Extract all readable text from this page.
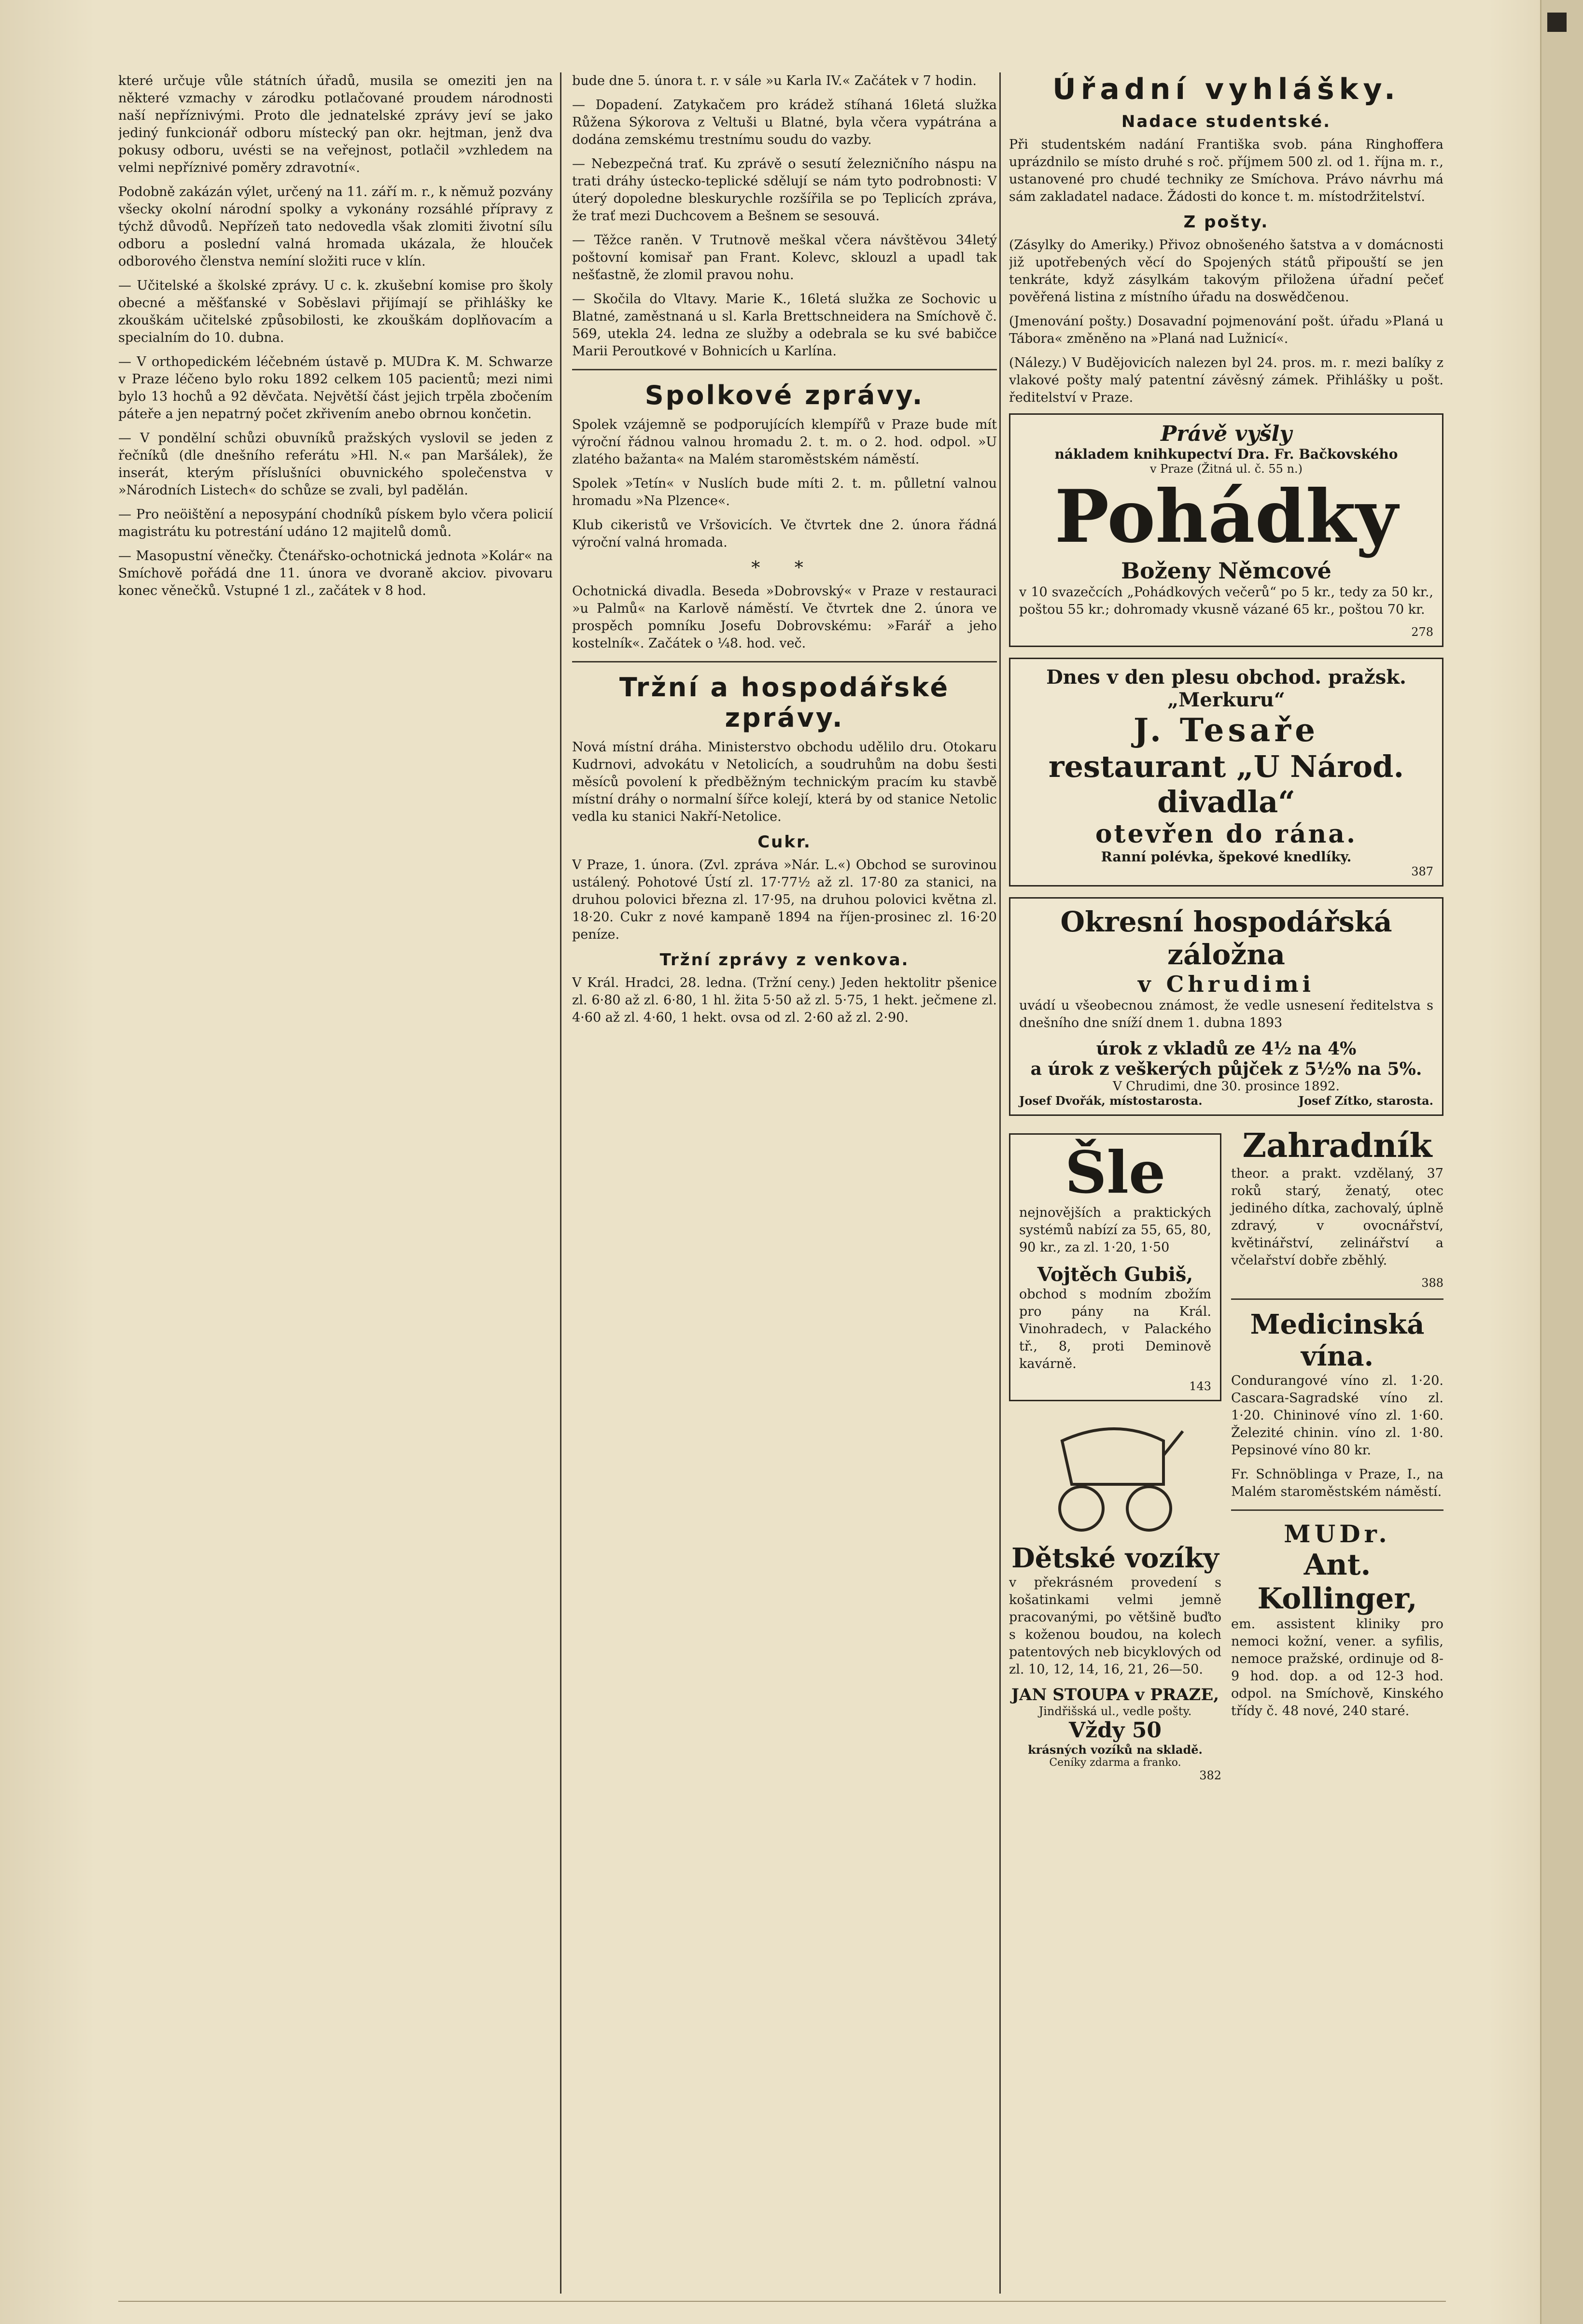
které určuje vůle státních úřadů, musila se omeziti jen na některé vzmachy v zárodku potlačované proudem národnosti naší nepříznivými. Proto dle jednatelské zprávy jeví se jako jediný funkcionář odboru místecký pan okr. hejtman, jenž dva pokusy odboru, uvésti se na veřejnost, potlačil »vzhledem na velmi nepříznivé poměry zdravotní«.

Podobně zakázán výlet, určený na 11. září m. r., k němuž pozvány všecky okolní národní spolky a vykonány rozsáhlé přípravy z týchž důvodů. Nepřízeň tato nedovedla však zlomiti životní sílu odboru a poslední valná hromada ukázala, že hlouček odborového členstva nemíní složiti ruce v klín.

— Učitelské a školské zprávy. U c. k. zkušební komise pro školy obecné a měšťanské v Soběslavi přijímají se přihlášky ke zkouškám učitelské způsobilosti, ke zkouškám doplňovacím a specialním do 10. dubna.

— V orthopedickém léčebném ústavě p. MUDra K. M. Schwarze v Praze léčeno bylo roku 1892 celkem 105 pacientů; mezi nimi bylo 13 hochů a 92 děvčata. Největší část jejich trpěla zbočením páteře a jen nepatrný počet zkřivením anebo obrnou končetin.

— V pondělní schůzi obuvníků pražských vyslovil se jeden z řečníků (dle dnešního referátu »Hl. N.« pan Maršálek), že inserát, kterým příslušníci obuvnického společenstva v »Národních Listech« do schůze se zvali, byl padělán.

— Pro neöištění a neposypání chodníků pískem bylo včera policií magistrátu ku potrestání udáno 12 majitelů domů.

— Masopustní věnečky. Čtenářsko-ochotnická jednota »Kolár« na Smíchově pořádá dne 11. února ve dvoraně akciov. pivovaru konec věnečků. Vstupné 1 zl., začátek v 8 hod.

bude dne 5. února t. r. v sále »u Karla IV.« Začátek v 7 hodin.

— Dopadení. Zatykačem pro krádež stíhaná 16letá služka Růžena Sýkorova z Veltuši u Blatné, byla včera vypátrána a dodána zemskému trestnímu soudu do vazby.

— Nebezpečná trať. Ku zprávě o sesutí železničního náspu na trati dráhy ústecko-teplické sdělují se nám tyto podrobnosti: V úterý dopoledne bleskurychle rozšířila se po Teplicích zpráva, že trať mezi Duchcovem a Bešnem se sesouvá.

— Těžce raněn. V Trutnově meškal včera návštěvou 34letý poštovní komisař pan Frant. Kolevc, sklouzl a upadl tak nešťastně, že zlomil pravou nohu.

— Skočila do Vltavy. Marie K., 16letá služka ze Sochovic u Blatné, zaměstnaná u sl. Karla Brettschneidera na Smíchově č. 569, utekla 24. ledna ze služby a odebrala se ku své babičce Marii Peroutkové v Bohnicích u Karlína.

Spolkové zprávy.

Spolek vzájemně se podporujících klempířů v Praze bude mít výroční řádnou valnou hromadu 2. t. m. o 2. hod. odpol. »U zlatého bažanta« na Malém staroměstském náměstí.

Spolek »Tetín« v Nuslích bude míti 2. t. m. půlletní valnou hromadu »Na Plzence«.

Klub cikeristů ve Vršovicích. Ve čtvrtek dne 2. února řádná výroční valná hromada.

* *

Ochotnická divadla. Beseda »Dobrovský« v Praze v restauraci »u Palmů« na Karlově náměstí. Ve čtvrtek dne 2. února ve prospěch pomníku Josefu Dobrovskému: »Farář a jeho kostelník«. Začátek o ¼8. hod. več.

Tržní a hospodářské zprávy.

Nová místní dráha. Ministerstvo obchodu udělilo dru. Otokaru Kudrnovi, advokátu v Netolicích, a soudruhům na dobu šesti měsíců povolení k předběžným technickým pracím ku stavbě místní dráhy o normalní šířce kolejí, která by od stanice Netolic vedla ku stanici Nakří-Netolice.

Cukr.

V Praze, 1. února. (Zvl. zpráva »Nár. L.«) Obchod se surovinou ustálený. Pohotové Ústí zl. 17·77½ až zl. 17·80 za stanici, na druhou polovici března zl. 17·95, na druhou polovici května zl. 18·20. Cukr z nové kampaně 1894 na říjen-prosinec zl. 16·20 peníze.

Tržní zprávy z venkova.

V Král. Hradci, 28. ledna. (Tržní ceny.) Jeden hektolitr pšenice zl. 6·80 až zl. 6·80, 1 hl. žita 5·50 až zl. 5·75, 1 hekt. ječmene zl. 4·60 až zl. 4·60, 1 hekt. ovsa od zl. 2·60 až zl. 2·90.

Úřadní vyhlášky.
Nadace studentské.

Při studentském nadání Františka svob. pána Ringhoffera uprázdnilo se místo druhé s roč. příjmem 500 zl. od 1. října m. r., ustanovené pro chudé techniky ze Smíchova. Právo návrhu má sám zakladatel nadace. Žádosti do konce t. m. místodržitelství.

Z pošty.

(Zásylky do Ameriky.) Přivoz obnošeného šatstva a v domácnosti již upotřebených věcí do Spojených států připouští se jen tenkráte, když zásylkám takovým přiložena úřadní pečeť pověřená listina z místního úřadu na doswědčenou.

(Jmenování pošty.) Dosavadní pojmenování pošt. úřadu »Planá u Tábora« změněno na »Planá nad Lužnicí«.

(Nálezy.) V Budějovicích nalezen byl 24. pros. m. r. mezi balíky z vlakové pošty malý patentní závěsný zámek. Přihlášky u pošt. ředitelství v Praze.

Právě vyšly
nákladem knihkupectví Dra. Fr. Bačkovského
v Praze (Žitná ul. č. 55 n.)
Pohádky
Boženy Němcové

v 10 svazečcích „Pohádkových večerů“ po 5 kr., tedy za 50 kr., poštou 55 kr.; dohromady vkusně vázané 65 kr., poštou 70 kr.

278
Dnes v den plesu obchod. pražsk. „Merkuru“
J. Tesaře
restaurant „U Národ. divadla“
otevřen do rána.
Ranní polévka, špekové knedlíky.
387
Okresní hospodářská záložna
v Chrudimi

uvádí u všeobecnou známost, že vedle usnesení ředitelstva s dnešního dne sníží dnem 1. dubna 1893

úrok z vkladů ze 4½ na 4%
a úrok z veškerých půjček z 5½% na 5%.
V Chrudimi, dne 30. prosince 1892.
Josef Dvořák, místostarosta.	Josef Zítko, starosta.
Šle

nejnovějších a praktických systémů nabízí za 55, 65, 80, 90 kr., za zl. 1·20, 1·50

Vojtěch Gubiš,

obchod s modním zbožím pro pány na Král. Vinohradech, v Palackého tř., 8, proti Deminově kavárně.

143
Dětské vozíky

v překrásném provedení s košatinkami velmi jemně pracovanými, po většině buďto s koženou boudou, na kolech patentových neb bicyklových od zl. 10, 12, 14, 16, 21, 26—50.

JAN STOUPA v PRAZE,
Jindřišská ul., vedle pošty.
Vždy 50
krásných vozíků na skladě.
Ceníky zdarma a franko.
382
Zahradník

theor. a prakt. vzdělaný, 37 roků starý, ženatý, otec jediného dítka, zachovalý, úplně zdravý, v ovocnářství, květinářství, zelinářství a včelařství dobře zběhlý.

388
Medicinská vína.

Condurangové víno zl. 1·20. Cascara-Sagradské víno zl. 1·20. Chininové víno zl. 1·60. Železité chinin. víno zl. 1·80. Pepsinové víno 80 kr.

Fr. Schnöblinga v Praze, I., na Malém staroměstském náměstí.

MUDr.
Ant. Kollinger,

em. assistent kliniky pro nemoci kožní, vener. a syfilis, nemoce pražské, ordinuje od 8-9 hod. dop. a od 12-3 hod. odpol. na Smíchově, Kinského třídy č. 48 nové, 240 staré.
